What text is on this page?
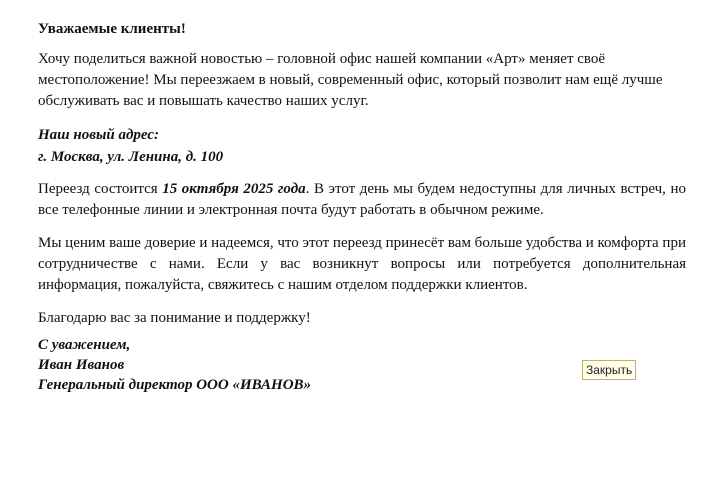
Уважаемые клиенты!

Хочу поделиться важной новостью – головной офис нашей компании «Арт» меняет своё местоположение! Мы переезжаем в новый, современный офис, который позволит нам ещё лучше обслуживать вас и повышать качество наших услуг.

Наш новый адрес:
г. Москва, ул. Ленина, д. 100

Переезд состоится 15 октября 2025 года. В этот день мы будем недоступны для личных встреч, но все телефонные линии и электронная почта будут работать в обычном режиме.

Мы ценим ваше доверие и надеемся, что этот переезд принесёт вам больше удобства и комфорта при сотрудничестве с нами. Если у вас возникнут вопросы или потребуется дополнительная информация, пожалуйста, свяжитесь с нашим отделом поддержки клиентов.

Благодарю вас за понимание и поддержку!

С уважением,
Иван Иванов
Генеральный директор ООО «ИВАНОВ»
Закрыть
